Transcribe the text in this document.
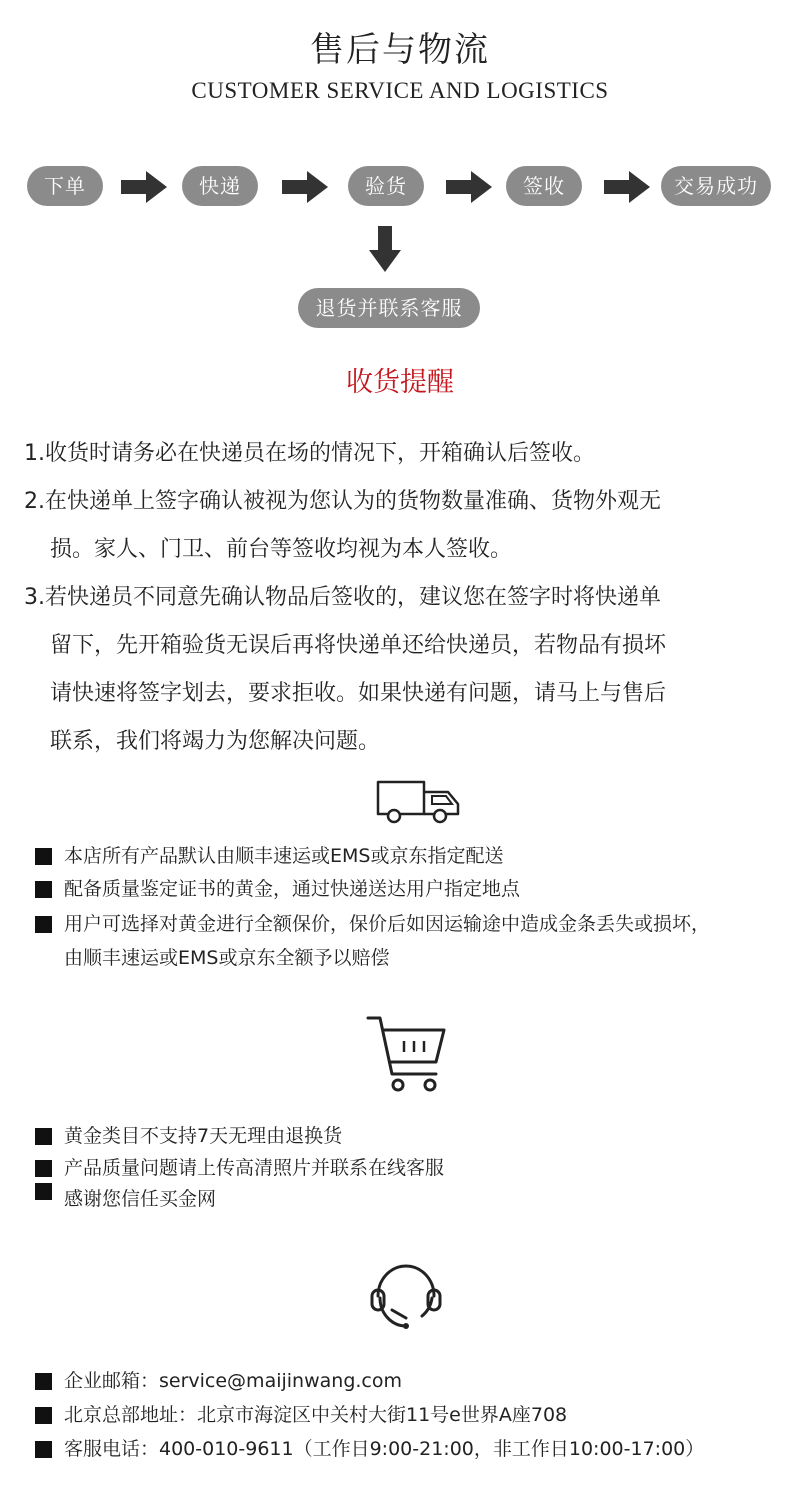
售后与物流
CUSTOMER SERVICE AND LOGISTICS
下单	快递	验货	签收	交易成功
退货并联系客服
收货提醒
1.收货时请务必在快递员在场的情况下，开箱确认后签收。
2.在快递单上签字确认被视为您认为的货物数量准确、货物外观无
损。家人、门卫、前台等签收均视为本人签收。
3.若快递员不同意先确认物品后签收的，建议您在签字时将快递单
留下，先开箱验货无误后再将快递单还给快递员，若物品有损坏
请快速将签字划去，要求拒收。如果快递有问题，请马上与售后
联系，我们将竭力为您解决问题。
本店所有产品默认由顺丰速运或EMS或京东指定配送
配备质量鉴定证书的黄金，通过快递送达用户指定地点
用户可选择对黄金进行全额保价，保价后如因运输途中造成金条丢失或损坏，
由顺丰速运或EMS或京东全额予以赔偿
黄金类目不支持7天无理由退换货
产品质量问题请上传高清照片并联系在线客服
感谢您信任买金网
企业邮箱：service@maijinwang.com
北京总部地址：北京市海淀区中关村大街11号e世界A座708
客服电话：400-010-9611（工作日9:00-21:00，非工作日10:00-17:00）
